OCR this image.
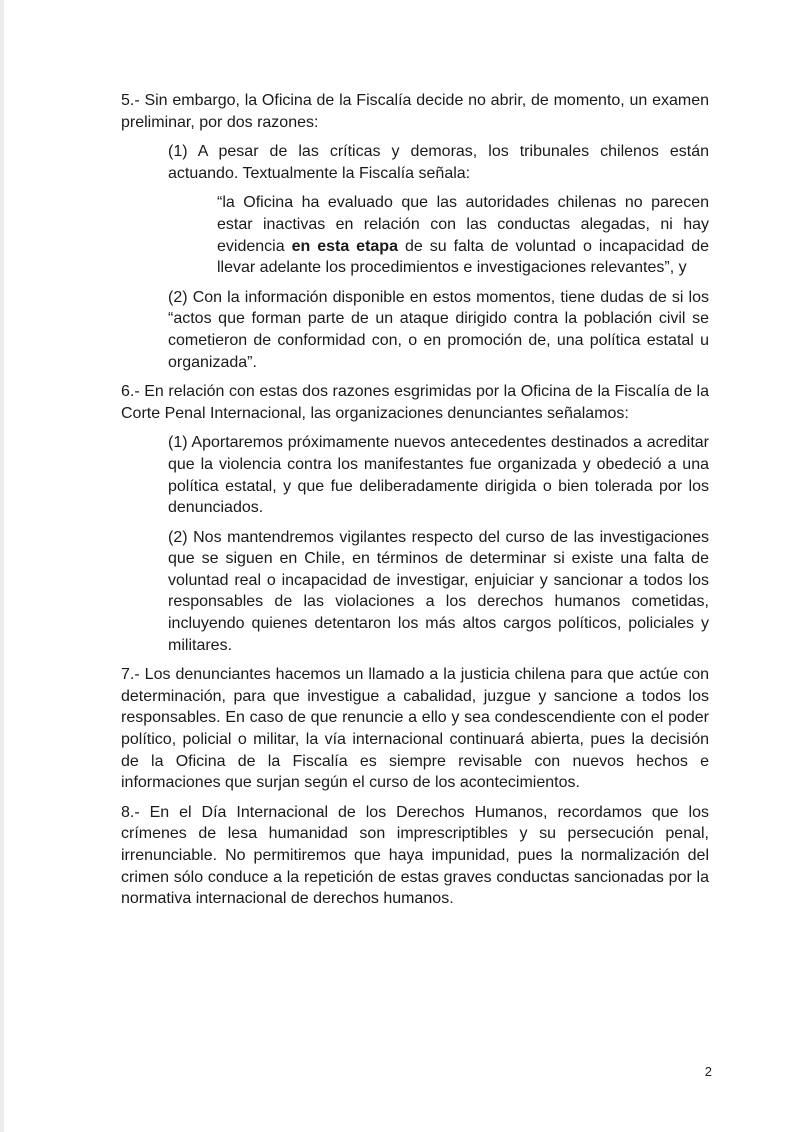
5.- Sin embargo, la Oficina de la Fiscalía decide no abrir, de momento, un examen preliminar, por dos razones:

(1) A pesar de las críticas y demoras, los tribunales chilenos están actuando. Textualmente la Fiscalía señala:

“la Oficina ha evaluado que las autoridades chilenas no parecen estar inactivas en relación con las conductas alegadas, ni hay evidencia en esta etapa de su falta de voluntad o incapacidad de llevar adelante los procedimientos e investigaciones relevantes”, y

(2) Con la información disponible en estos momentos, tiene dudas de si los “actos que forman parte de un ataque dirigido contra la población civil se cometieron de conformidad con, o en promoción de, una política estatal u organizada”.

6.- En relación con estas dos razones esgrimidas por la Oficina de la Fiscalía de la Corte Penal Internacional, las organizaciones denunciantes señalamos:

(1) Aportaremos próximamente nuevos antecedentes destinados a acreditar que la violencia contra los manifestantes fue organizada y obedeció a una política estatal, y que fue deliberadamente dirigida o bien tolerada por los denunciados.

(2) Nos mantendremos vigilantes respecto del curso de las investigaciones que se siguen en Chile, en términos de determinar si existe una falta de voluntad real o incapacidad de investigar, enjuiciar y sancionar a todos los responsables de las violaciones a los derechos humanos cometidas, incluyendo quienes detentaron los más altos cargos políticos, policiales y militares.

7.- Los denunciantes hacemos un llamado a la justicia chilena para que actúe con determinación, para que investigue a cabalidad, juzgue y sancione a todos los responsables. En caso de que renuncie a ello y sea condescendiente con el poder político, policial o militar, la vía internacional continuará abierta, pues la decisión de la Oficina de la Fiscalía es siempre revisable con nuevos hechos e informaciones que surjan según el curso de los acontecimientos.

8.- En el Día Internacional de los Derechos Humanos, recordamos que los crímenes de lesa humanidad son imprescriptibles y su persecución penal, irrenunciable. No permitiremos que haya impunidad, pues la normalización del crimen sólo conduce a la repetición de estas graves conductas sancionadas por la normativa internacional de derechos humanos.

2
